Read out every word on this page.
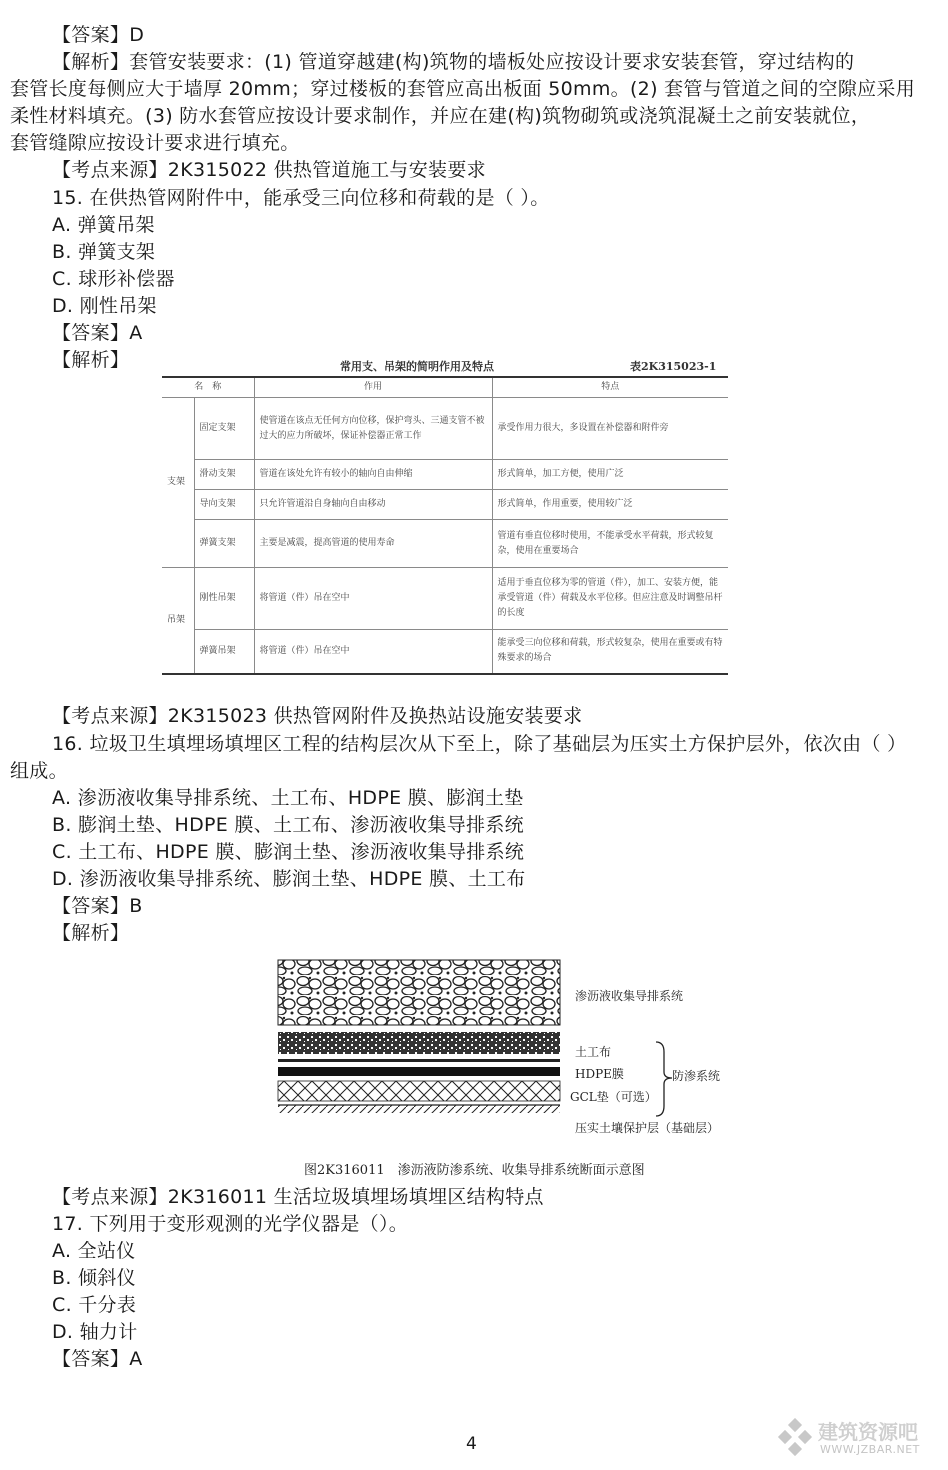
【答案】D
【解析】套管安装要求：(1) 管道穿越建(构)筑物的墙板处应按设计要求安装套管，穿过结构的
套管长度每侧应大于墙厚 20mm；穿过楼板的套管应高出板面 50mm。(2) 套管与管道之间的空隙应采用
柔性材料填充。(3) 防水套管应按设计要求制作，并应在建(构)筑物砌筑或浇筑混凝土之前安装就位，
套管缝隙应按设计要求进行填充。
【考点来源】2K315022 供热管道施工与安装要求
15. 在供热管网附件中，能承受三向位移和荷载的是（ ）。
A. 弹簧吊架
B. 弹簧支架
C. 球形补偿器
D. 刚性吊架
【答案】A
【解析】	常用支、吊架的简明作用及特点	表2K315023-1
名　称		作用	特点
支架	固定支架	使管道在该点无任何方向位移，保护弯头、三通支管不被过大的应力所破坏，保证补偿器正常工作	承受作用力很大，多设置在补偿器和附件旁
	滑动支架	管道在该处允许有较小的轴向自由伸缩	形式简单，加工方便，使用广泛
	导向支架	只允许管道沿自身轴向自由移动	形式简单，作用重要，使用较广泛
	弹簧支架	主要是减震，提高管道的使用寿命	管道有垂直位移时使用，不能承受水平荷载，形式较复杂，使用在重要场合
吊架	刚性吊架	将管道（件）吊在空中	适用于垂直位移为零的管道（件），加工、安装方便，能承受管道（件）荷载及水平位移。但应注意及时调整吊杆的长度
	弹簧吊架	将管道（件）吊在空中	能承受三向位移和荷载，形式较复杂，使用在重要或有特殊要求的场合
【考点来源】2K315023 供热管网附件及换热站设施安装要求
16. 垃圾卫生填埋场填埋区工程的结构层次从下至上，除了基础层为压实土方保护层外，依次由（ ）
组成。
A. 渗沥液收集导排系统、土工布、HDPE 膜、膨润土垫
B. 膨润土垫、HDPE 膜、土工布、渗沥液收集导排系统
C. 土工布、HDPE 膜、膨润土垫、渗沥液收集导排系统
D. 渗沥液收集导排系统、膨润土垫、HDPE 膜、土工布
【答案】B
【解析】
渗沥液收集导排系统
土工布
HDPE膜
GCL垫（可选）
防渗系统
压实土壤保护层（基础层）
图2K316011　渗沥液防渗系统、收集导排系统断面示意图
【考点来源】2K316011 生活垃圾填埋场填埋区结构特点
17. 下列用于变形观测的光学仪器是（）。
A. 全站仪
B. 倾斜仪
C. 千分表
D. 轴力计
【答案】A
4	建筑资源吧
WWW.JZBAR.NET
